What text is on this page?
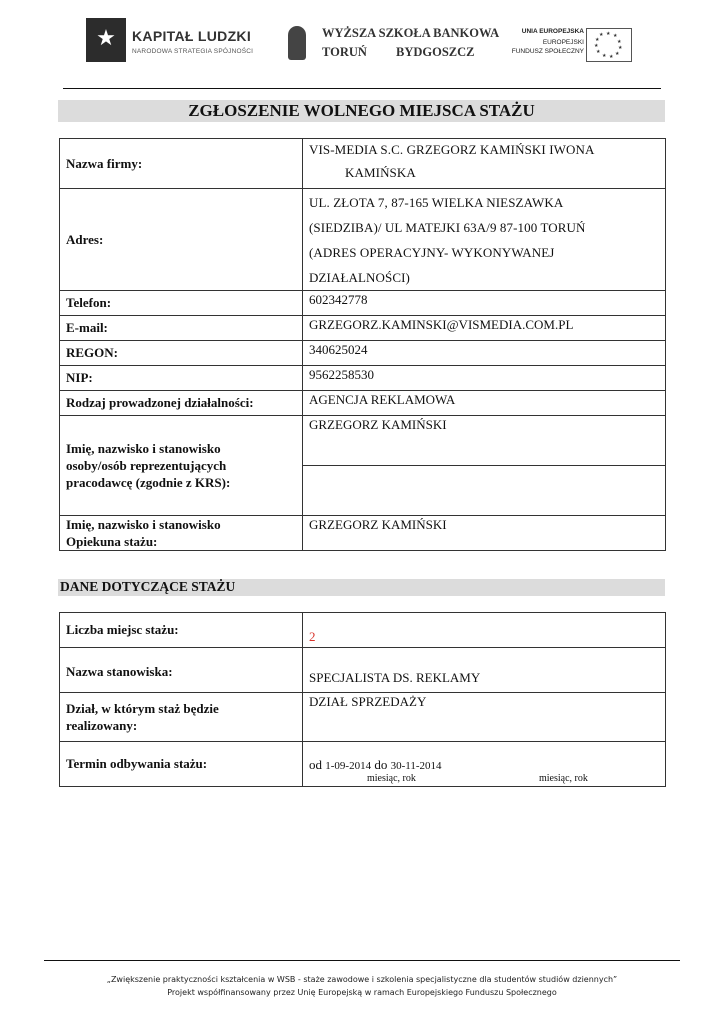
★ KAPITAŁ LUDZKI
NARODOWA STRATEGIA SPÓJNOŚCI
WYŻSZA SZKOŁA BANKOWA
TORUŃ BYDGOSZCZ
UNIA EUROPEJSKA
EUROPEJSKI
FUNDUSZ SPOŁECZNY
★ ★
★
★
★
★
★
★
★
★
★
ZGŁOSZENIE WOLNEGO MIEJSCA STAŻU
Nazwa firmy:	VIS-MEDIA S.C. GRZEGORZ KAMIŃSKI IWONA
KAMIŃSKA

Adres:	UL. ZŁOTA 7, 87-165 WIELKA NIESZAWKA
(SIEDZIBA)/ UL MATEJKI 63A/9 87-100 TORUŃ
(ADRES OPERACYJNY- WYKONYWANEJ
DZIAŁALNOŚCI)

Telefon:	602342778
E-mail:	GRZEGORZ.KAMINSKI@VISMEDIA.COM.PL
REGON:	340625024
NIP:	9562258530
Rodzaj prowadzonej działalności:	AGENCJA REKLAMOWA

Imię, nazwisko i stanowisko
osoby/osób reprezentujących
pracodawcę (zgodnie z KRS):	GRZEGORZ KAMIŃSKI

Imię, nazwisko i stanowisko
Opiekuna stażu:	GRZEGORZ KAMIŃSKI
DANE DOTYCZĄCE STAŻU
Liczba miejsc stażu:	2
Nazwa stanowiska:	SPECJALISTA DS. REKLAMY

Dział, w którym staż będzie
realizowany:	DZIAŁ SPRZEDAŻY
Termin odbywania stażu:	od 1-09-2014 do 30-11-2014
miesiąc, rok miesiąc, rok
„Zwiększenie praktyczności kształcenia w WSB - staże zawodowe i szkolenia specjalistyczne dla studentów studiów dziennych”
Projekt współfinansowany przez Unię Europejską w ramach Europejskiego Funduszu Społecznego
